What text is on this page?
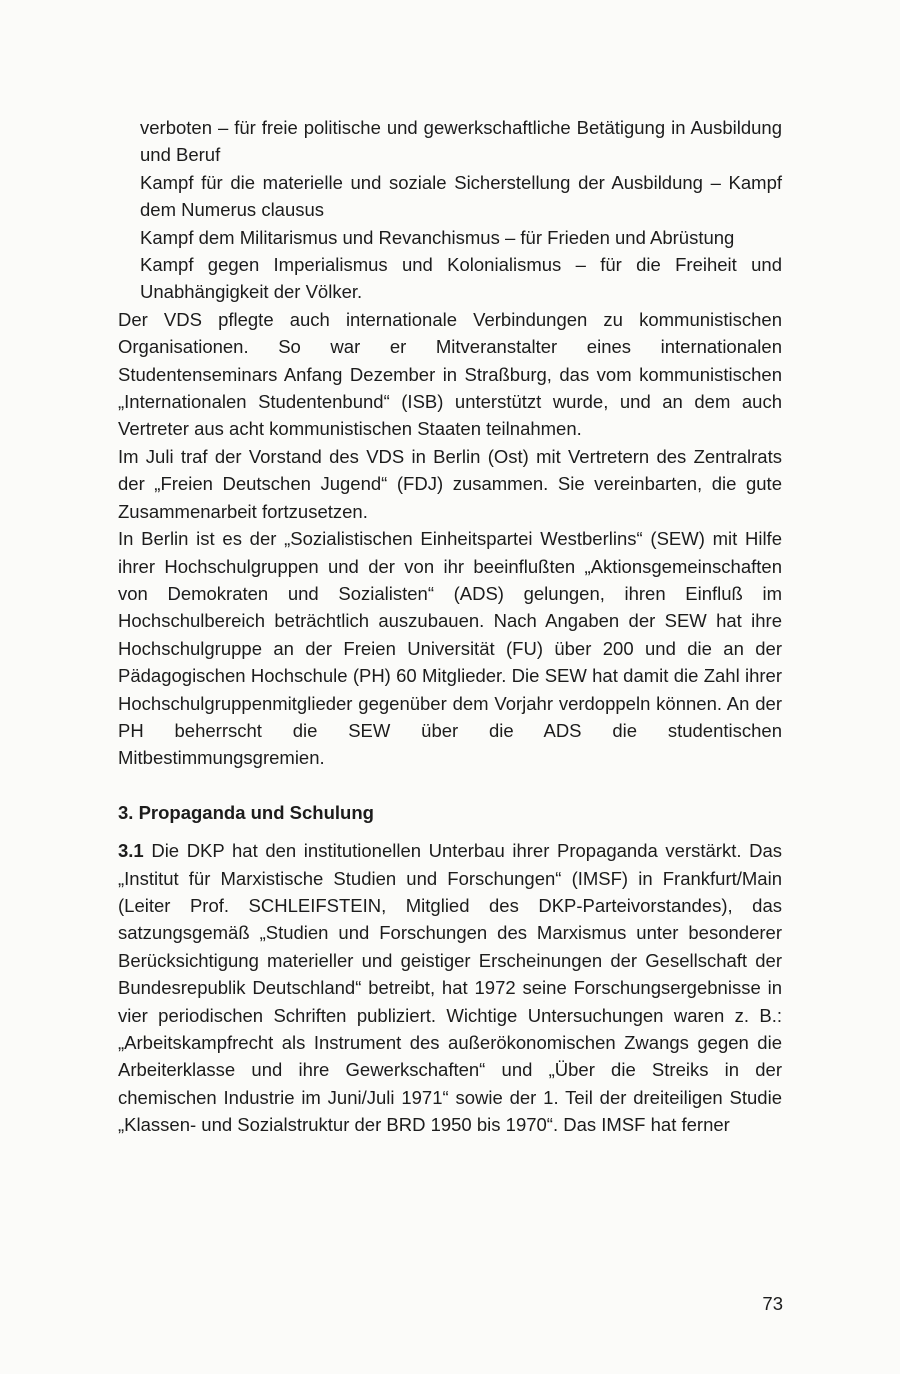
verboten – für freie politische und gewerkschaftliche Betätigung in Ausbildung und Beruf

Kampf für die materielle und soziale Sicherstellung der Ausbildung – Kampf dem Numerus clausus

Kampf dem Militarismus und Revanchismus – für Frieden und Abrüstung

Kampf gegen Imperialismus und Kolonialismus – für die Freiheit und Unabhängigkeit der Völker.

Der VDS pflegte auch internationale Verbindungen zu kommunistischen Organisationen. So war er Mitveranstalter eines internationalen Studentenseminars Anfang Dezember in Straßburg, das vom kommunistischen „Internationalen Studentenbund“ (ISB) unterstützt wurde, und an dem auch Vertreter aus acht kommunistischen Staaten teilnahmen.

Im Juli traf der Vorstand des VDS in Berlin (Ost) mit Vertretern des Zentralrats der „Freien Deutschen Jugend“ (FDJ) zusammen. Sie vereinbarten, die gute Zusammenarbeit fortzusetzen.

In Berlin ist es der „Sozialistischen Einheitspartei Westberlins“ (SEW) mit Hilfe ihrer Hochschulgruppen und der von ihr beeinflußten „Aktionsgemeinschaften von Demokraten und Sozialisten“ (ADS) gelungen, ihren Einfluß im Hochschulbereich beträchtlich auszubauen. Nach Angaben der SEW hat ihre Hochschulgruppe an der Freien Universität (FU) über 200 und die an der Pädagogischen Hochschule (PH) 60 Mitglieder. Die SEW hat damit die Zahl ihrer Hochschulgruppenmitglieder gegenüber dem Vorjahr verdoppeln können. An der PH beherrscht die SEW über die ADS die studentischen Mitbestimmungsgremien.

3. Propaganda und Schulung

3.1 Die DKP hat den institutionellen Unterbau ihrer Propaganda verstärkt. Das „Institut für Marxistische Studien und Forschungen“ (IMSF) in Frankfurt/Main (Leiter Prof. SCHLEIFSTEIN, Mitglied des DKP-Parteivorstandes), das satzungsgemäß „Studien und Forschungen des Marxismus unter besonderer Berücksichtigung materieller und geistiger Erscheinungen der Gesellschaft der Bundesrepublik Deutschland“ betreibt, hat 1972 seine Forschungsergebnisse in vier periodischen Schriften publiziert. Wichtige Untersuchungen waren z. B.: „Arbeitskampfrecht als Instrument des außerökonomischen Zwangs gegen die Arbeiterklasse und ihre Gewerkschaften“ und „Über die Streiks in der chemischen Industrie im Juni/Juli 1971“ sowie der 1. Teil der dreiteiligen Studie „Klassen- und Sozialstruktur der BRD 1950 bis 1970“. Das IMSF hat ferner

73
